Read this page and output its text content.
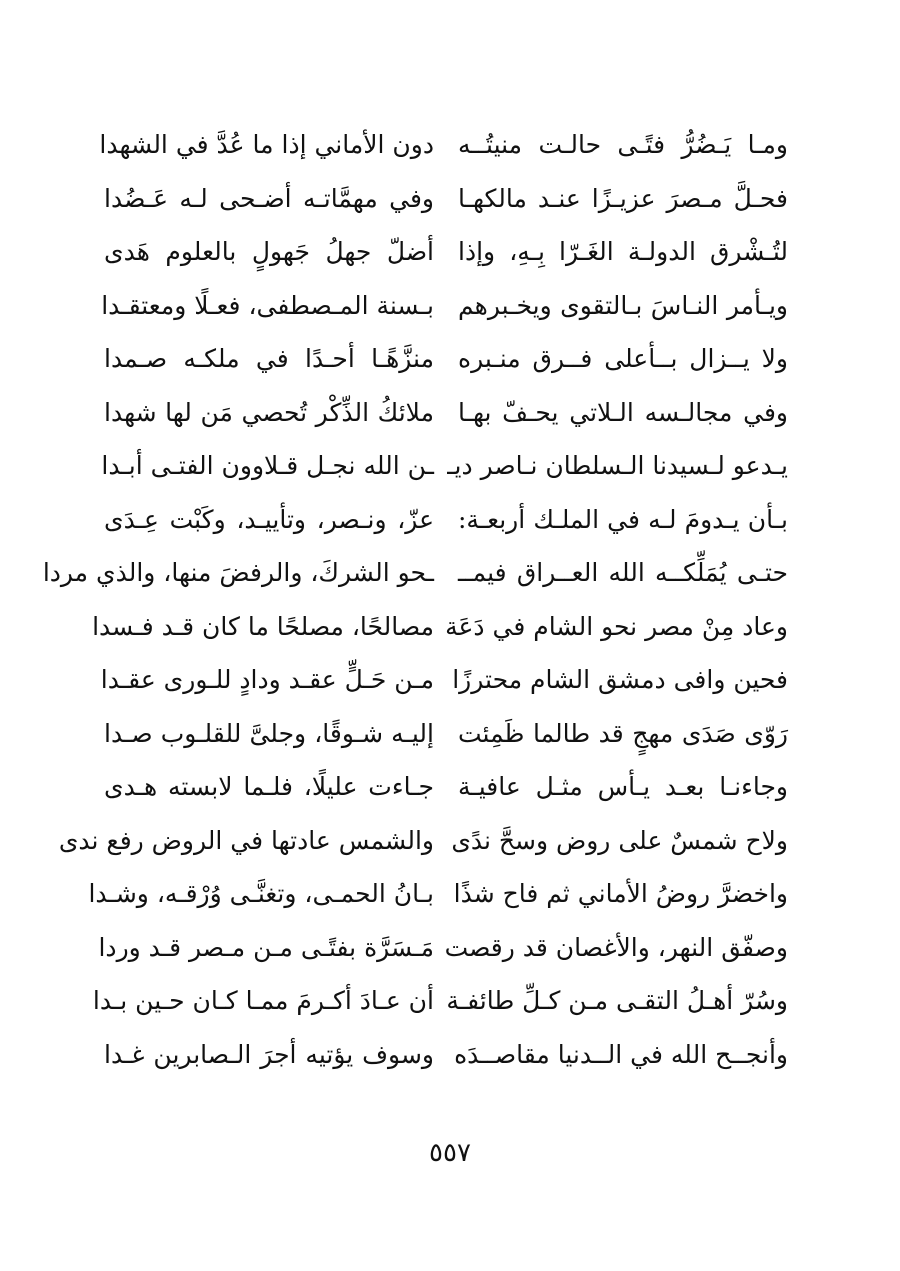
ومـا يَـضُرُّ فتًـى حالـت منيتُــه
دون الأماني إذا ما عُدَّ في الشهدا
فحـلَّ مـصرَ عزيـزًا عنـد مالكهـا
وفي مهمَّاتـه أضـحى لـه عَـضُدا
لتُـشْرق الدولـة الغَـرّا بِـهِ، وإذا
أضلّ جهلُ جَهولٍ بالعلوم هَدى
ويـأمر النـاسَ بـالتقوى ويخـبرهم
بـسنة المـصطفى، فعـلًا ومعتقـدا
ولا يــزال بــأعلى فــرق منـبره
منزَّهًـا أحـدًا في ملكـه صـمدا
وفي مجالـسه الـلاتي يحـفّ بهـا
ملائكُ الذِّكْر تُحصي مَن لها شهدا
يـدعو لـسيدنا الـسلطان نـاصر ديـ
ـن الله نجـل قـلاوون الفتـى أبـدا
بـأن يـدومَ لـه في الملـك أربعـة:
عزّ، ونـصر، وتأييـد، وكَبْت عِـدَى
حتـى يُمَلِّكــه الله العــراق فيمــ
ـحو الشركَ، والرفضَ منها، والذي مردا
وعاد مِنْ مصر نحو الشام في دَعَة
مصالحًا، مصلحًا ما كان قـد فـسدا
فحين وافى دمشق الشام محترزًا
مـن حَـلٍّ عقـد ودادٍ للـورى عقـدا
رَوّى صَدَى مهجٍ قد طالما ظَمِئت
إليـه شـوقًا، وجلىَّ للقلـوب صـدا
وجاءنـا بعـد يـأس مثـل عافيـة
جـاءت عليلًا، فلـما لابسته هـدى
ولاح شمسٌ على روض وسحَّ ندًى
والشمس عادتها في الروض رفع ندى
واخضرَّ روضُ الأماني ثم فاح شذًا
بـانُ الحمـى، وتغنَّـى وُرْقـه، وشـدا
وصفّق النهر، والأغصان قد رقصت
مَـسَرَّة بفتًـى مـن مـصر قـد وردا
وسُرّ أهـلُ التقـى مـن كـلِّ طائفـة
أن عـادَ أكـرمَ ممـا كـان حـين بـدا
وأنجــح الله في الــدنيا مقاصــدَه
وسوف يؤتيه أجرَ الـصابرين غـدا
٥٥٧
